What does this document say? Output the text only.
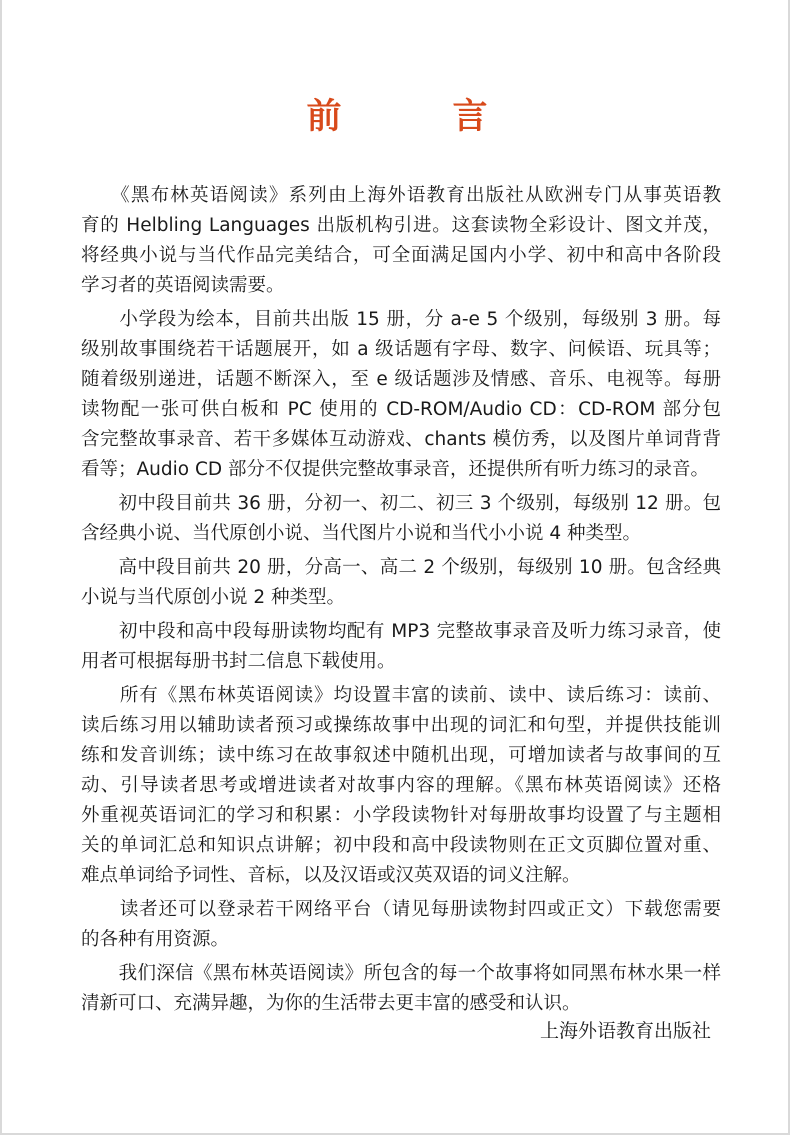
前　言
　　《黑布林英语阅读》系列由上海外语教育出版社从欧洲专门从事英语教
育的 Helbling Languages 出版机构引进。这套读物全彩设计、图文并茂，
将经典小说与当代作品完美结合，可全面满足国内小学、初中和高中各阶段
学习者的英语阅读需要。
　　小学段为绘本，目前共出版 15 册，分 a-e 5 个级别，每级别 3 册。每
级别故事围绕若干话题展开，如 a 级话题有字母、数字、问候语、玩具等；
随着级别递进，话题不断深入，至 e 级话题涉及情感、音乐、电视等。每册
读物配一张可供白板和 PC 使用的 CD-ROM/Audio CD：CD-ROM 部分包
含完整故事录音、若干多媒体互动游戏、chants 模仿秀，以及图片单词背背
看等；Audio CD 部分不仅提供完整故事录音，还提供所有听力练习的录音。
　　初中段目前共 36 册，分初一、初二、初三 3 个级别，每级别 12 册。包
含经典小说、当代原创小说、当代图片小说和当代小小说 4 种类型。
　　高中段目前共 20 册，分高一、高二 2 个级别，每级别 10 册。包含经典
小说与当代原创小说 2 种类型。
　　初中段和高中段每册读物均配有 MP3 完整故事录音及听力练习录音，使
用者可根据每册书封二信息下载使用。
　　所有《黑布林英语阅读》均设置丰富的读前、读中、读后练习：读前、
读后练习用以辅助读者预习或操练故事中出现的词汇和句型，并提供技能训
练和发音训练；读中练习在故事叙述中随机出现，可增加读者与故事间的互
动、引导读者思考或增进读者对故事内容的理解。《黑布林英语阅读》还格
外重视英语词汇的学习和积累：小学段读物针对每册故事均设置了与主题相
关的单词汇总和知识点讲解；初中段和高中段读物则在正文页脚位置对重、
难点单词给予词性、音标，以及汉语或汉英双语的词义注解。
　　读者还可以登录若干网络平台（请见每册读物封四或正文）下载您需要
的各种有用资源。
　　我们深信《黑布林英语阅读》所包含的每一个故事将如同黑布林水果一样
清新可口、充满异趣，为你的生活带去更丰富的感受和认识。
上海外语教育出版社
